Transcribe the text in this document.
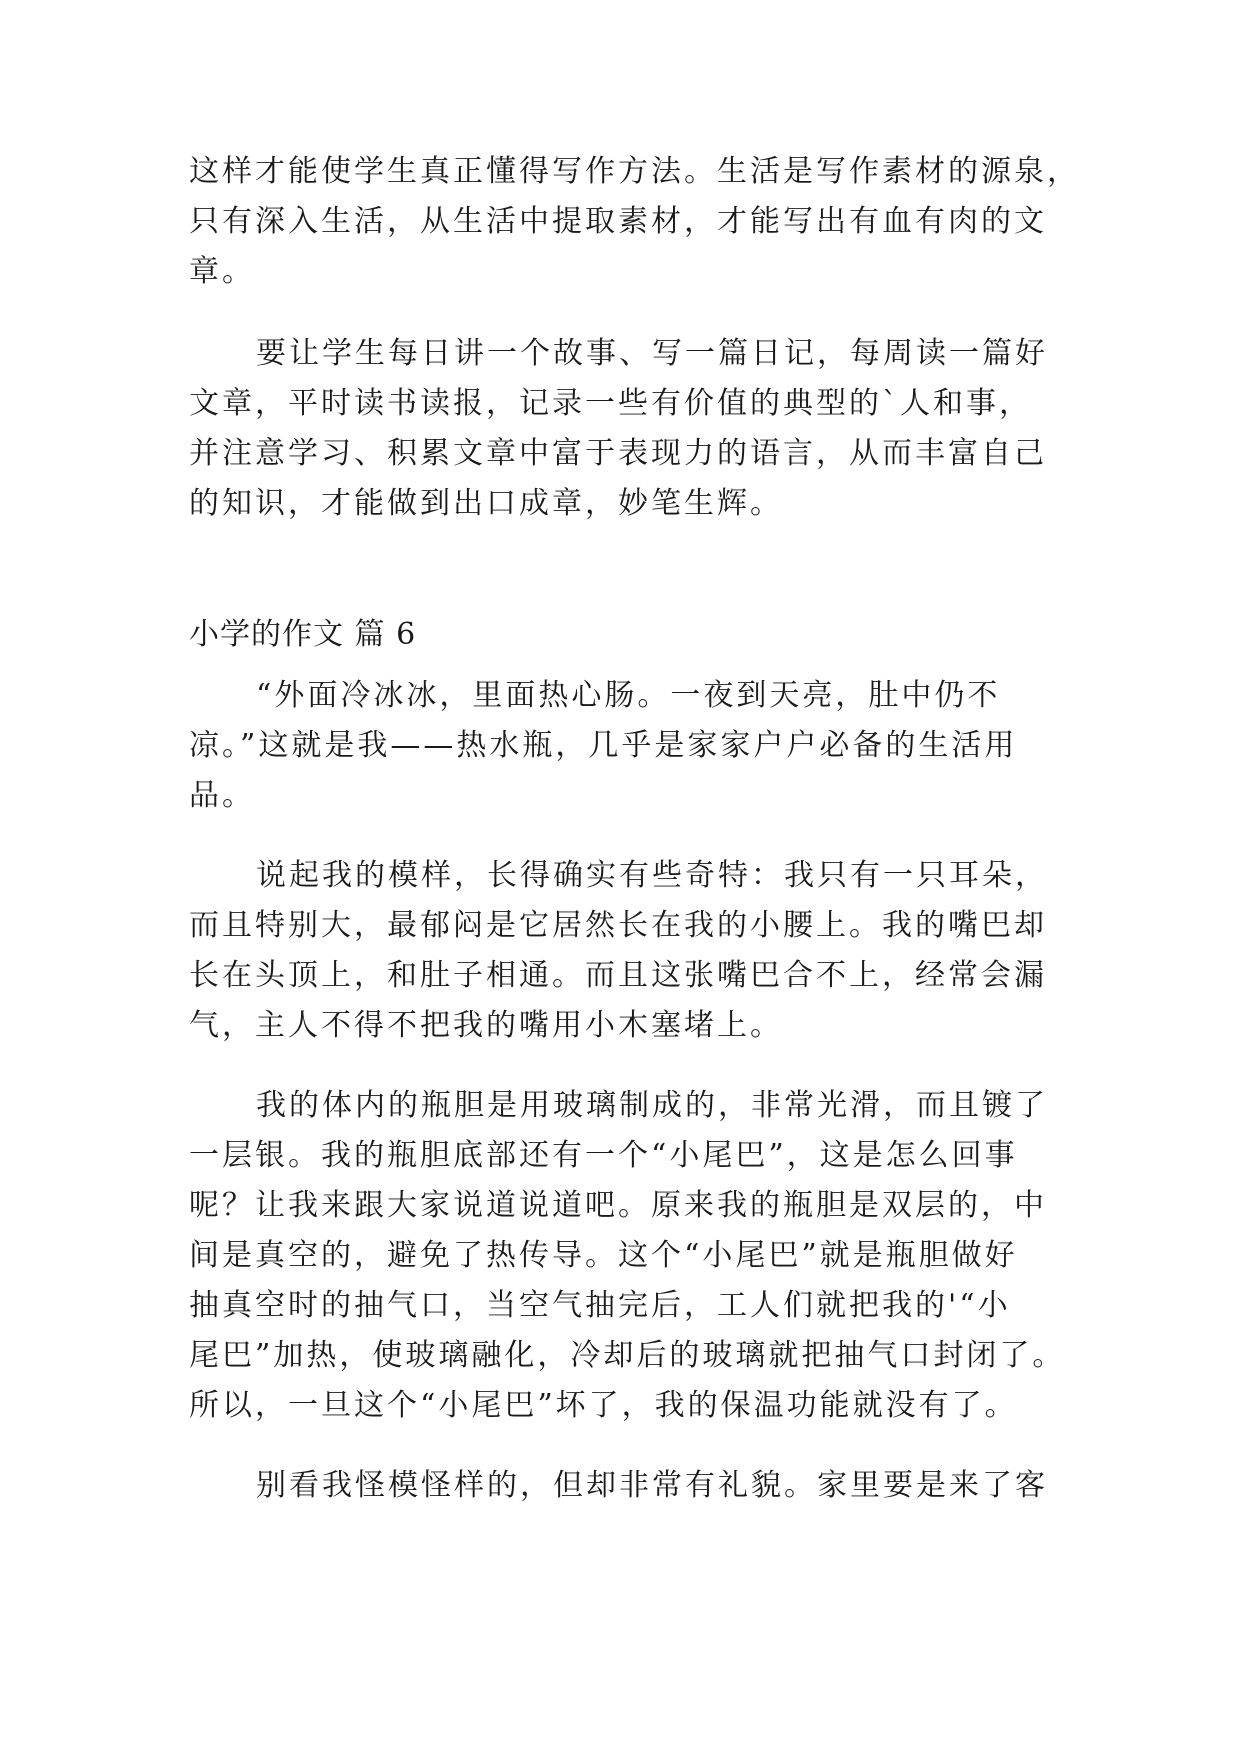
这样才能使学生真正懂得写作方法。生活是写作素材的源泉，
只有深入生活，从生活中提取素材，才能写出有血有肉的文
章。
要让学生每日讲一个故事、写一篇日记，每周读一篇好
文章，平时读书读报，记录一些有价值的典型的`人和事，
并注意学习、积累文章中富于表现力的语言，从而丰富自己
的知识，才能做到出口成章，妙笔生辉。
小学的作文 篇 6
“外面冷冰冰，里面热心肠。一夜到天亮，肚中仍不
凉。”这就是我——热水瓶，几乎是家家户户必备的生活用
品。
说起我的模样，长得确实有些奇特：我只有一只耳朵，
而且特别大，最郁闷是它居然长在我的小腰上。我的嘴巴却
长在头顶上，和肚子相通。而且这张嘴巴合不上，经常会漏
气，主人不得不把我的嘴用小木塞堵上。
我的体内的瓶胆是用玻璃制成的，非常光滑，而且镀了
一层银。我的瓶胆底部还有一个“小尾巴”，这是怎么回事
呢？让我来跟大家说道说道吧。原来我的瓶胆是双层的，中
间是真空的，避免了热传导。这个“小尾巴”就是瓶胆做好
抽真空时的抽气口，当空气抽完后，工人们就把我的'“小
尾巴”加热，使玻璃融化，冷却后的玻璃就把抽气口封闭了。
所以，一旦这个“小尾巴”坏了，我的保温功能就没有了。
别看我怪模怪样的，但却非常有礼貌。家里要是来了客
